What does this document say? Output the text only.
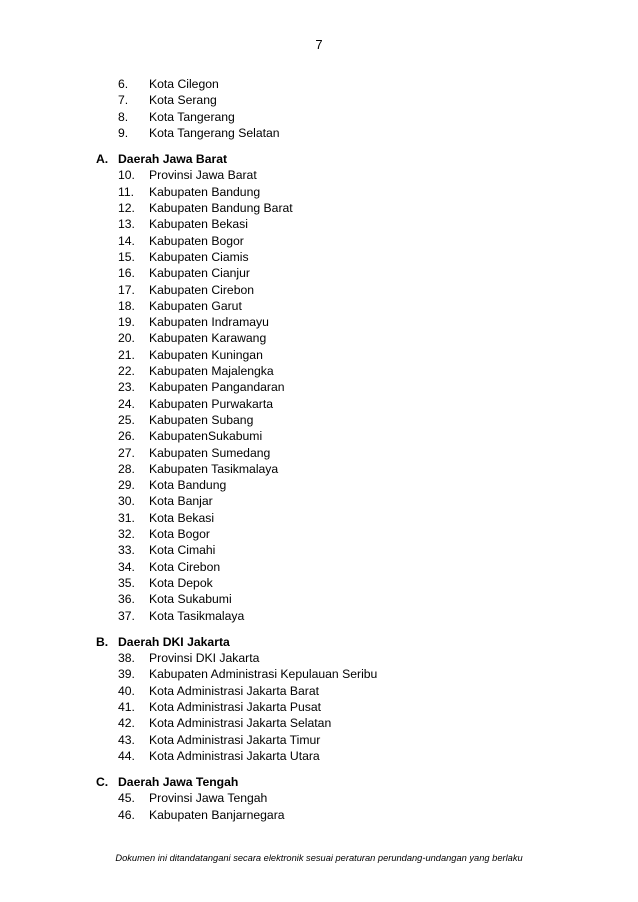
7
6. Kota Cilegon
7. Kota Serang
8. Kota Tangerang
9. Kota Tangerang Selatan
A. Daerah Jawa Barat
10. Provinsi Jawa Barat
11. Kabupaten Bandung
12. Kabupaten Bandung Barat
13. Kabupaten Bekasi
14. Kabupaten Bogor
15. Kabupaten Ciamis
16. Kabupaten Cianjur
17. Kabupaten Cirebon
18. Kabupaten Garut
19. Kabupaten Indramayu
20. Kabupaten Karawang
21. Kabupaten Kuningan
22. Kabupaten Majalengka
23. Kabupaten Pangandaran
24. Kabupaten Purwakarta
25. Kabupaten Subang
26. KabupatenSukabumi
27. Kabupaten Sumedang
28. Kabupaten Tasikmalaya
29. Kota Bandung
30. Kota Banjar
31. Kota Bekasi
32. Kota Bogor
33. Kota Cimahi
34. Kota Cirebon
35. Kota Depok
36. Kota Sukabumi
37. Kota Tasikmalaya
B. Daerah DKI Jakarta
38. Provinsi DKI Jakarta
39. Kabupaten Administrasi Kepulauan Seribu
40. Kota Administrasi Jakarta Barat
41. Kota Administrasi Jakarta Pusat
42. Kota Administrasi Jakarta Selatan
43. Kota Administrasi Jakarta Timur
44. Kota Administrasi Jakarta Utara
C. Daerah Jawa Tengah
45. Provinsi Jawa Tengah
46. Kabupaten Banjarnegara
Dokumen ini ditandatangani secara elektronik sesuai peraturan perundang-undangan yang berlaku
